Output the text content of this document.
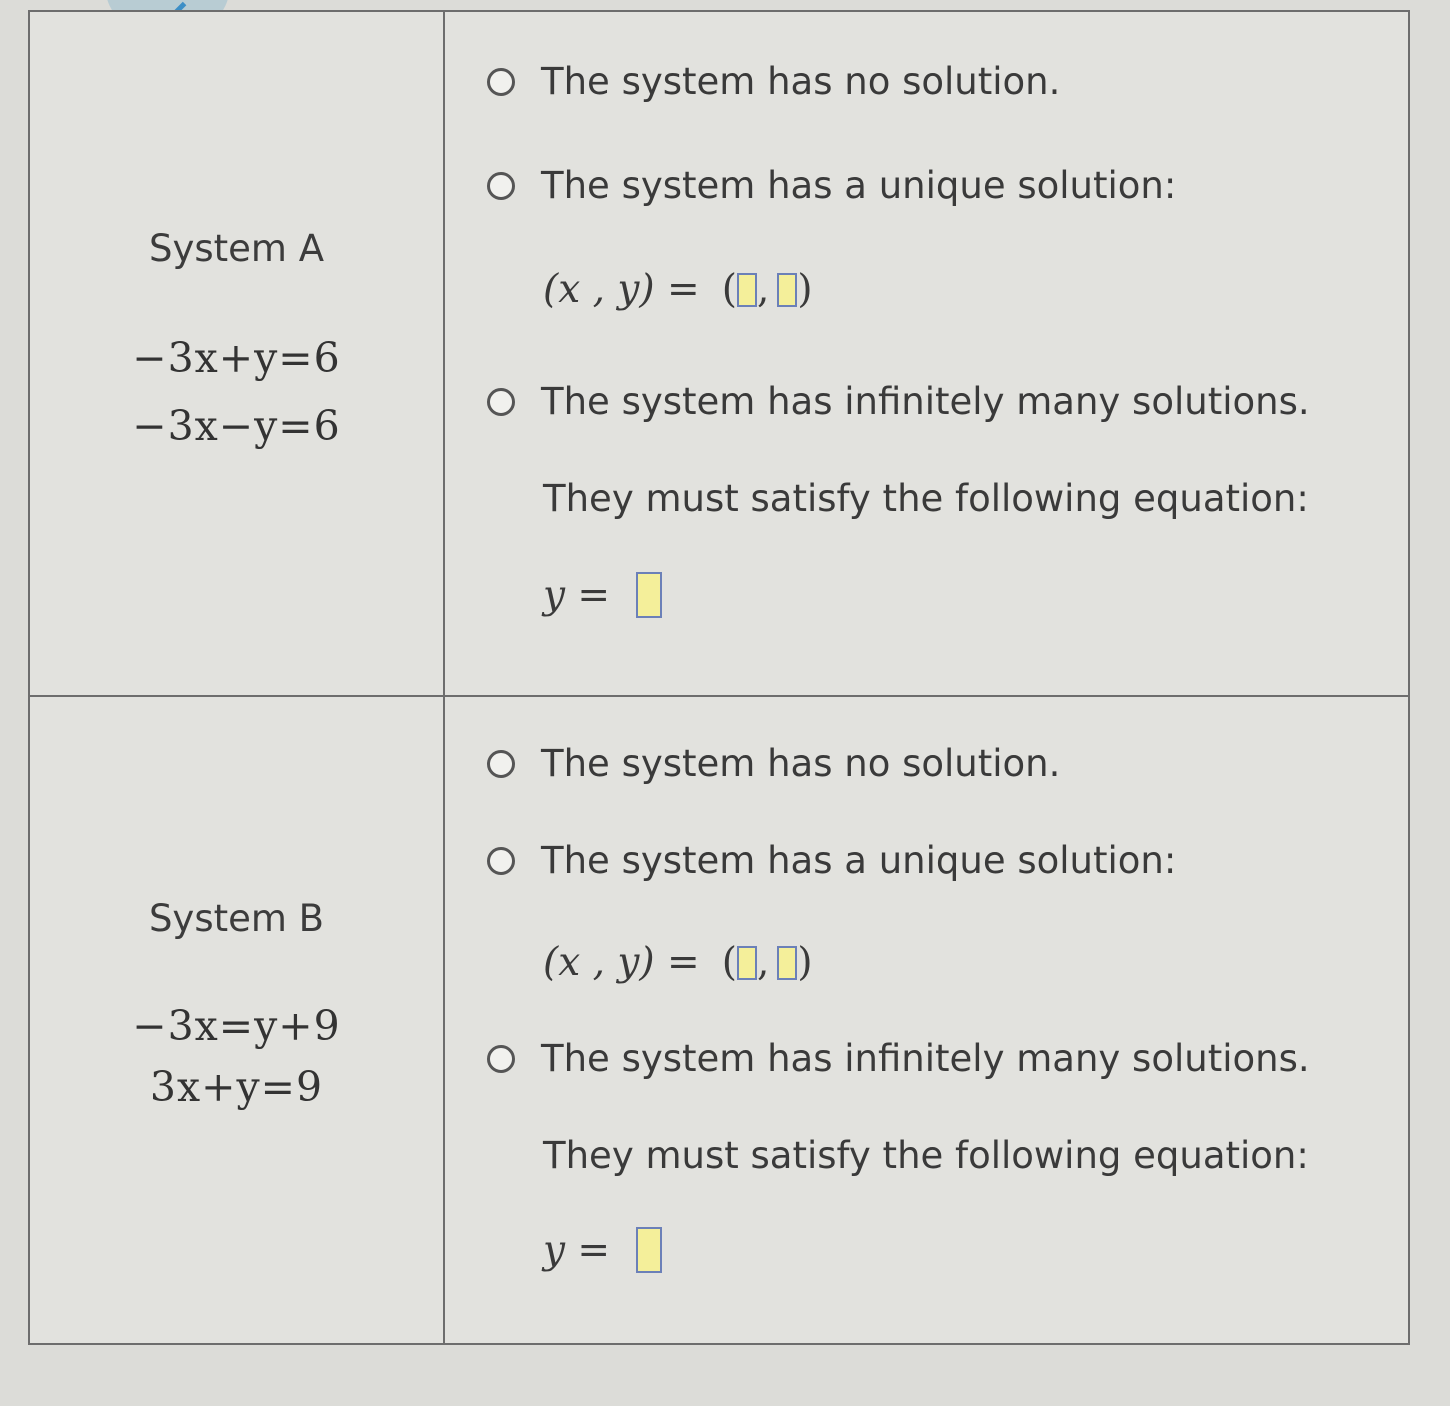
System A
−3x+y=6
−3x−y=6
The system has no solution.
The system has a unique solution:
(x , y) = ( , )
The system has infinitely many solutions.
They must satisfy the following equation:
y =
System B
−3x=y+9
3x+y=9
The system has no solution.
The system has a unique solution:
(x , y) = ( , )
The system has infinitely many solutions.
They must satisfy the following equation:
y =
